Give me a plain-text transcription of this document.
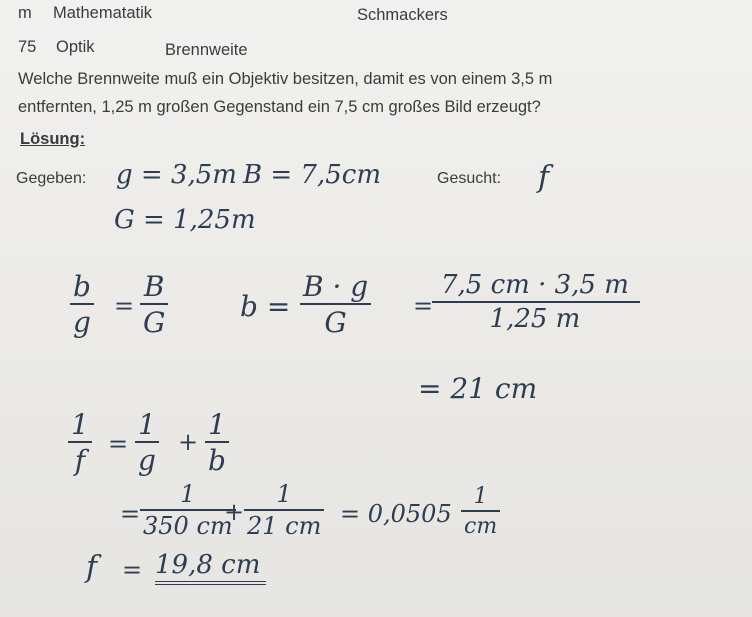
m Mathematatik	Schmackers
75 Optik	Brennweite
Welche Brennweite muß ein Objektiv besitzen, damit es von einem 3,5 m
entfernten, 1,25 m großen Gegenstand ein 7,5 cm großes Bild erzeugt?
Lösung:
Gegeben: g = 3,5m B = 7,5cm
G = 1,25m
Gesucht: f
b
g
=
B
G	b =
B · g
G
=
7,5 cm · 3,5 m
1,25 m
= 21 cm
1
f
=
1
g
+
1
b
=
1
350 cm
+
1
21 cm = 0,0505
1
cm
f = 19,8 cm
